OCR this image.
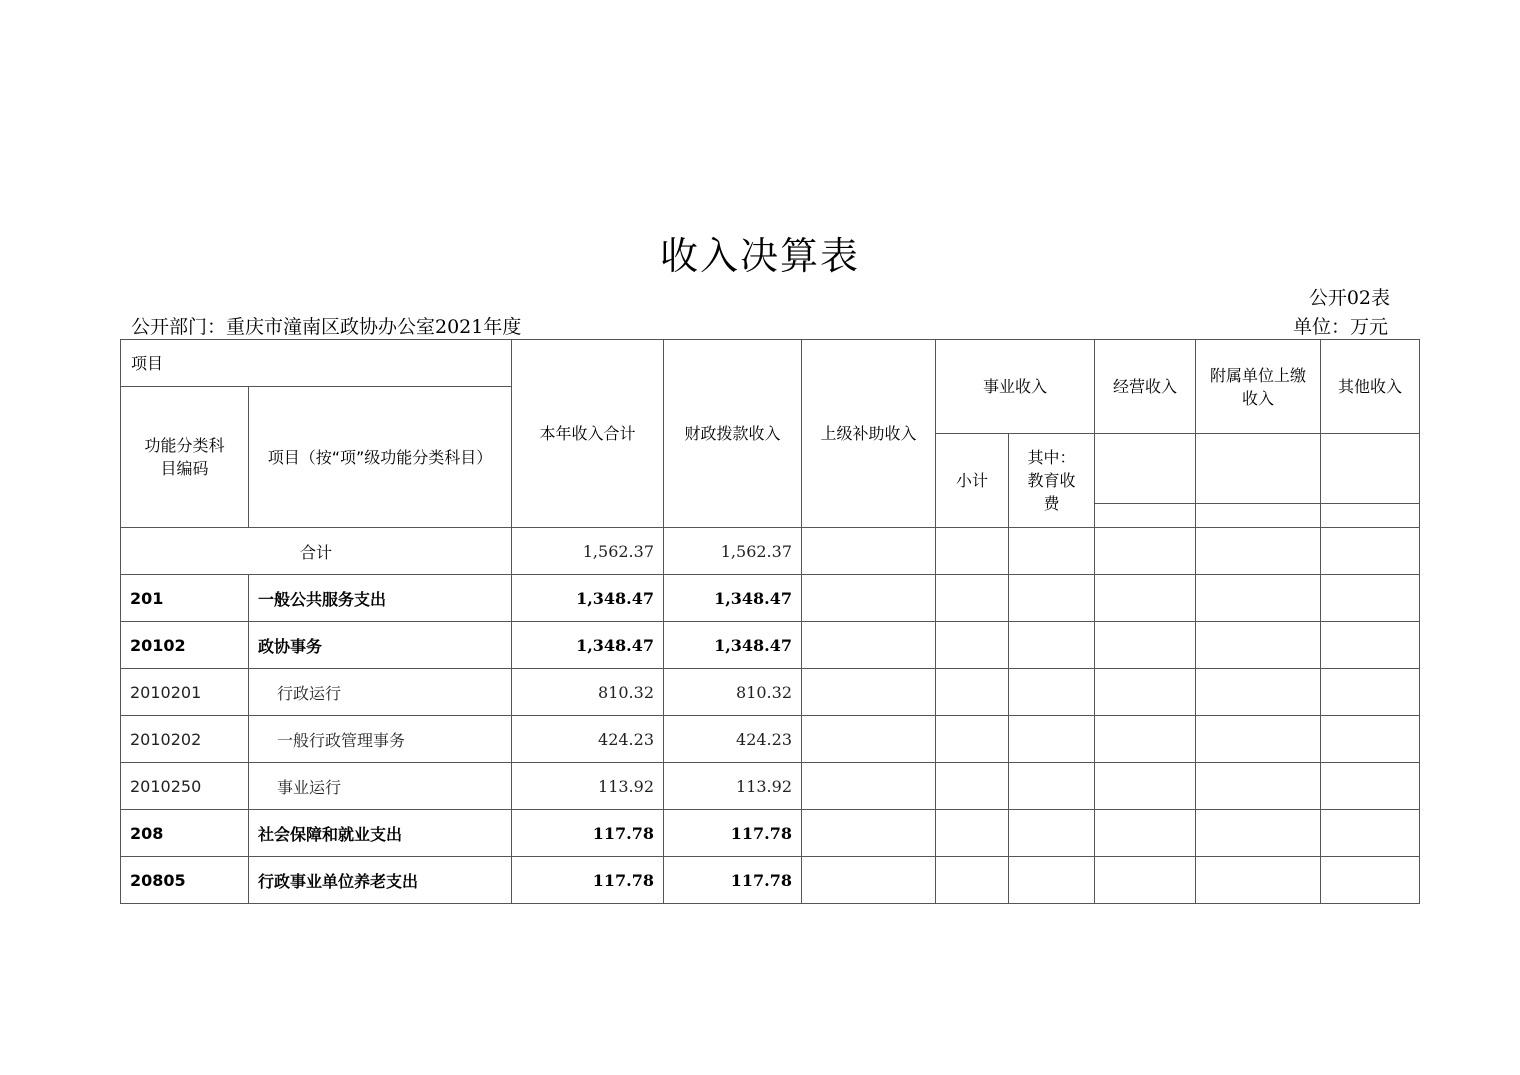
收入决算表
公开02表
公开部门：重庆市潼南区政协办公室2021年度	单位：万元
项目		本年收入合计	财政拨款收入	上级补助收入	事业收入		经营收入	附属单位上缴收入	其他收入
功能分类科目编码	项目（按“项”级功能分类科目）								
					小计	其中：教育收费	

合计		1,562.37	1,562.37						
201	一般公共服务支出	1,348.47	1,348.47						
20102	政协事务	1,348.47	1,348.47						
2010201	行政运行	810.32	810.32						
2010202	一般行政管理事务	424.23	424.23						
2010250	事业运行	113.92	113.92						
208	社会保障和就业支出	117.78	117.78						
20805	行政事业单位养老支出	117.78	117.78						
